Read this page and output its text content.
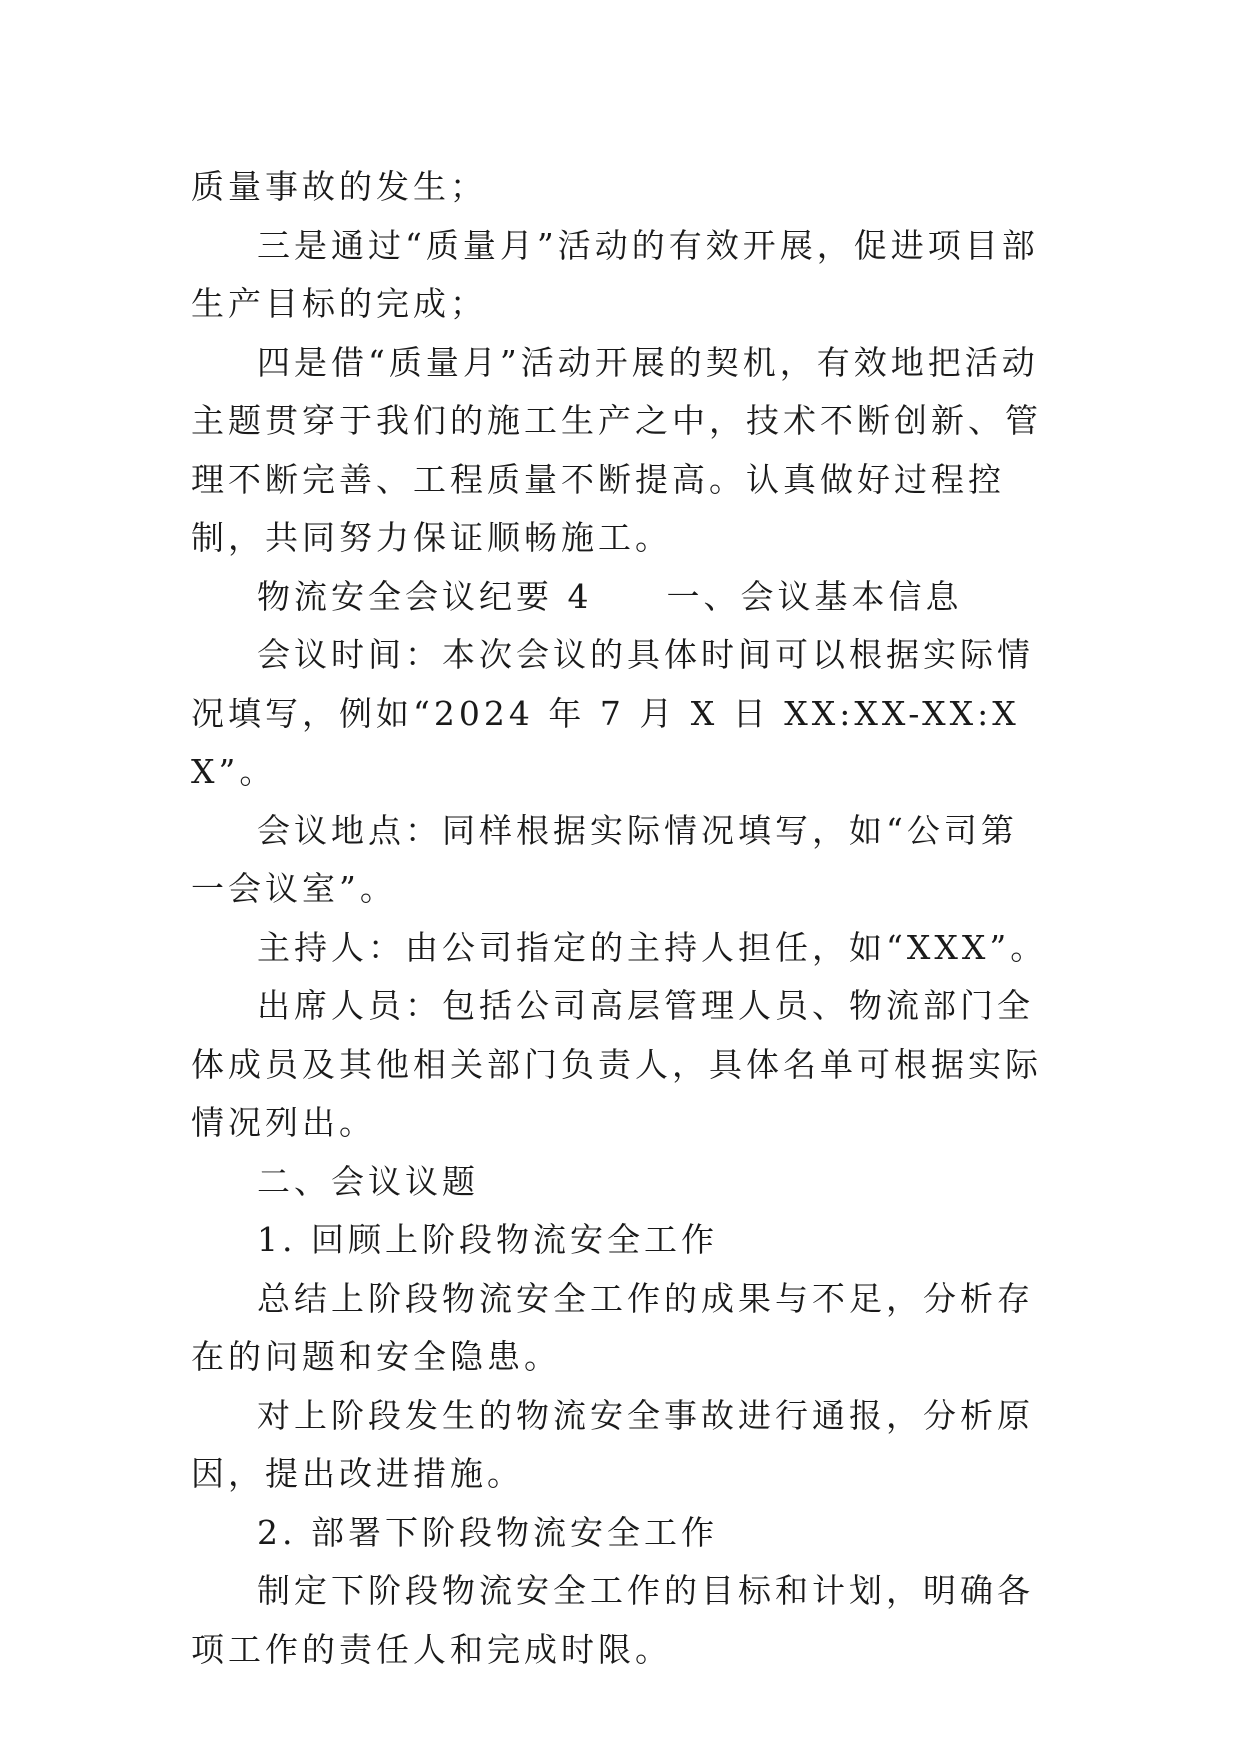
质量事故的发生；

三是通过“质量月”活动的有效开展，促进项目部生产目标的完成；

四是借“质量月”活动开展的契机，有效地把活动主题贯穿于我们的施工生产之中，技术不断创新、管理不断完善、工程质量不断提高。认真做好过程控制，共同努力保证顺畅施工。

物流安全会议纪要 4　　一、会议基本信息

会议时间：本次会议的具体时间可以根据实际情况填写，例如“2024 年 7 月 X 日 XX:XX-XX:XX”。

会议地点：同样根据实际情况填写，如“公司第一会议室”。

主持人：由公司指定的主持人担任，如“XXX”。

出席人员：包括公司高层管理人员、物流部门全体成员及其他相关部门负责人，具体名单可根据实际情况列出。

二、会议议题

1. 回顾上阶段物流安全工作

总结上阶段物流安全工作的成果与不足，分析存在的问题和安全隐患。

对上阶段发生的物流安全事故进行通报，分析原因，提出改进措施。

2. 部署下阶段物流安全工作

制定下阶段物流安全工作的目标和计划，明确各项工作的责任人和完成时限。
